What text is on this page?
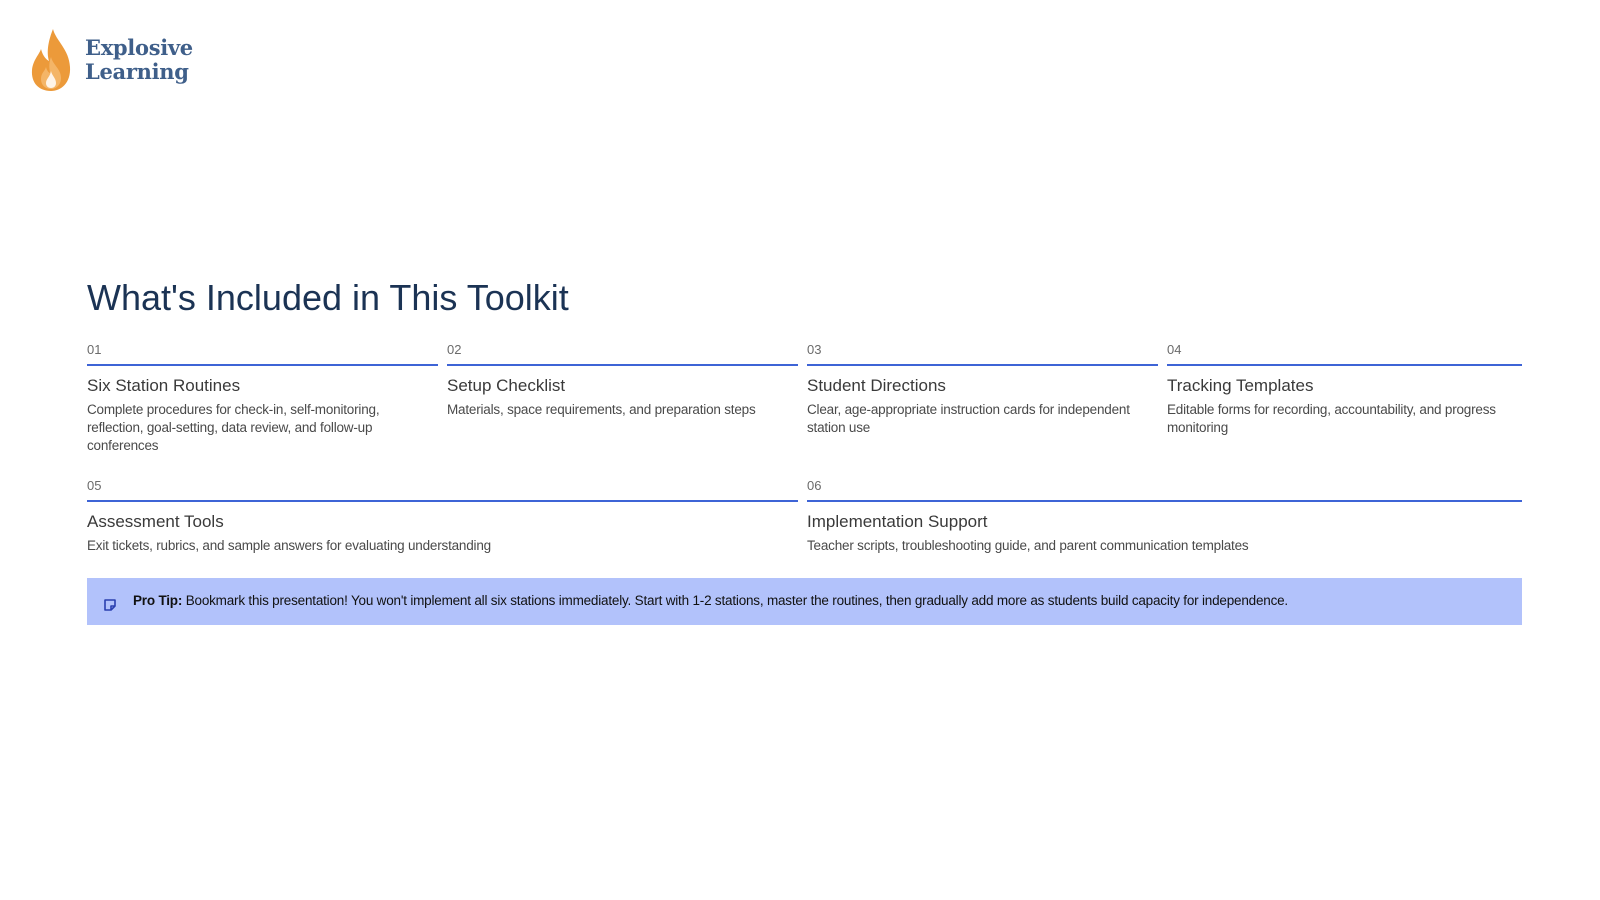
Explosive
Learning
What's Included in This Toolkit
01
Six Station Routines
Complete procedures for check-in, self-monitoring, reflection, goal-setting, data review, and follow-up conferences
02
Setup Checklist
Materials, space requirements, and preparation steps
03
Student Directions
Clear, age-appropriate instruction cards for independent station use
04
Tracking Templates
Editable forms for recording, accountability, and progress monitoring
05
Assessment Tools
Exit tickets, rubrics, and sample answers for evaluating understanding
06
Implementation Support
Teacher scripts, troubleshooting guide, and parent communication templates
Pro Tip: Bookmark this presentation! You won't implement all six stations immediately. Start with 1-2 stations, master the routines, then gradually add more as students build capacity for independence.
